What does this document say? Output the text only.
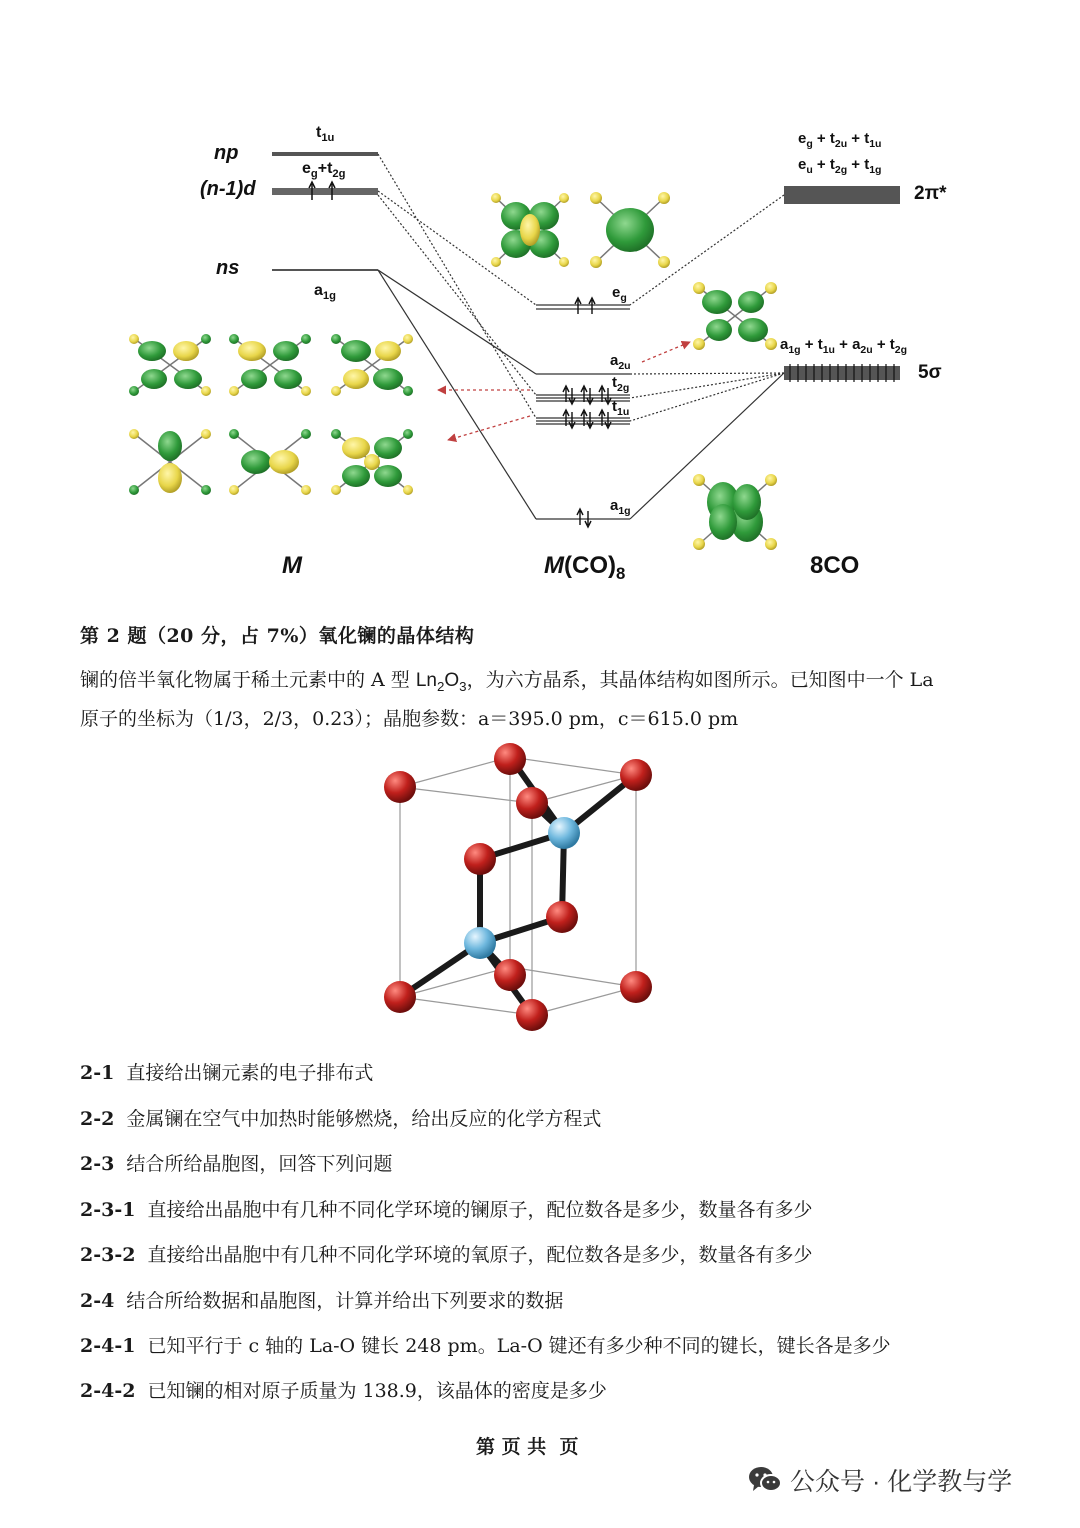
np
(n-1)d
ns
$t_{1u}$
$e_g+t_{2g}$
$a_{1g}$	$e_g$
$a_{2u}$
$t_{2g}$
$t_{1u}$
$a_{1g}$
$e_g + t_{2u} + t_{1u}$
$e_u + t_{2g} + t_{1g}$
2π*
$a_{1g} + t_{1u} + a_{2u} + t_{2g}$
5σ
M	$M(CO)_8$	8CO
第 2 题（20 分，占 7%）氧化镧的晶体结构
镧的倍半氧化物属于稀土元素中的 A 型 $Ln_2O_3$，为六方晶系，其晶体结构如图所示。已知图中一个 La
原子的坐标为（1/3，2/3，0.23）；晶胞参数：a＝395.0 pm，c＝615.0 pm
2-1 直接给出镧元素的电子排布式
2-2 金属镧在空气中加热时能够燃烧，给出反应的化学方程式
2-3 结合所给晶胞图，回答下列问题
2-3-1 直接给出晶胞中有几种不同化学环境的镧原子，配位数各是多少，数量各有多少
2-3-2 直接给出晶胞中有几种不同化学环境的氧原子，配位数各是多少，数量各有多少
2-4 结合所给数据和晶胞图，计算并给出下列要求的数据
2-4-1 已知平行于 c 轴的 La-O 键长 248 pm。La-O 键还有多少种不同的键长，键长各是多少
2-4-2 已知镧的相对原子质量为 138.9，该晶体的密度是多少
第 页 共  页
公众号 · 化学教与学
